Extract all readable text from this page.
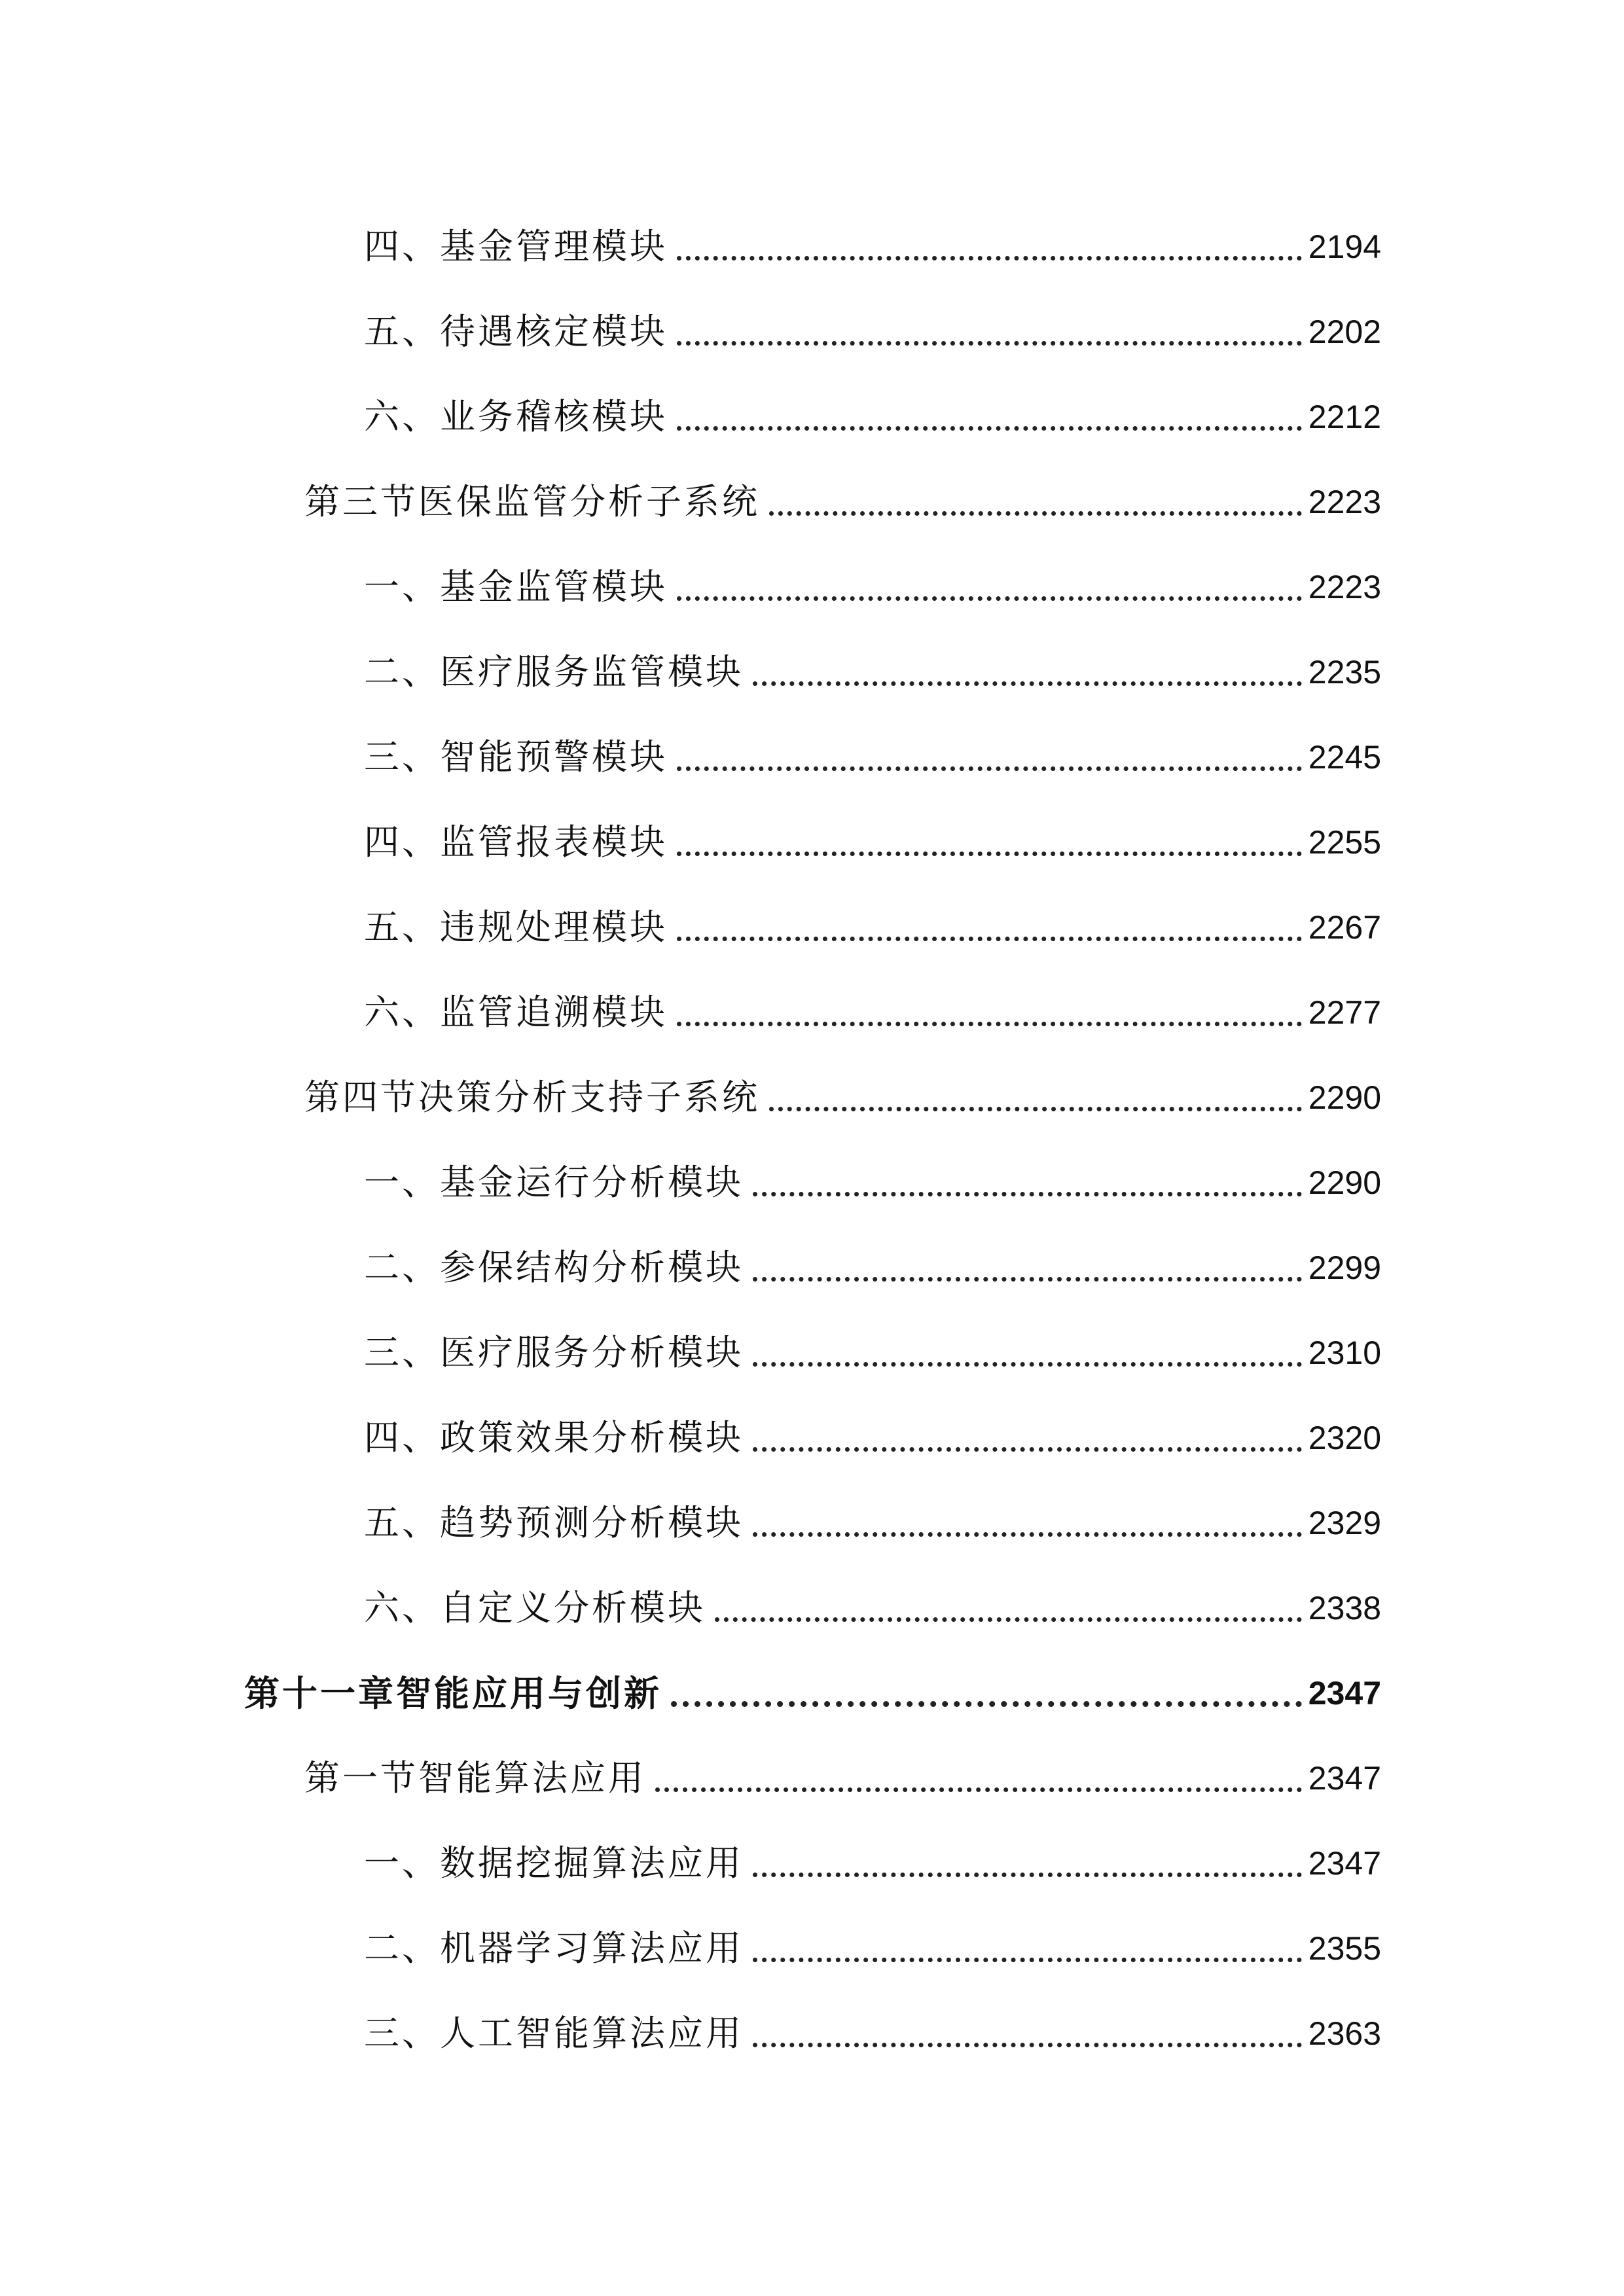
四、基金管理模块	2194
五、待遇核定模块	2202
六、业务稽核模块	2212
第三节医保监管分析子系统	2223
一、基金监管模块	2223
二、医疗服务监管模块	2235
三、智能预警模块	2245
四、监管报表模块	2255
五、违规处理模块	2267
六、监管追溯模块	2277
第四节决策分析支持子系统	2290
一、基金运行分析模块	2290
二、参保结构分析模块	2299
三、医疗服务分析模块	2310
四、政策效果分析模块	2320
五、趋势预测分析模块	2329
六、自定义分析模块	2338
第十一章智能应用与创新	2347
第一节智能算法应用	2347
一、数据挖掘算法应用	2347
二、机器学习算法应用	2355
三、人工智能算法应用	2363
